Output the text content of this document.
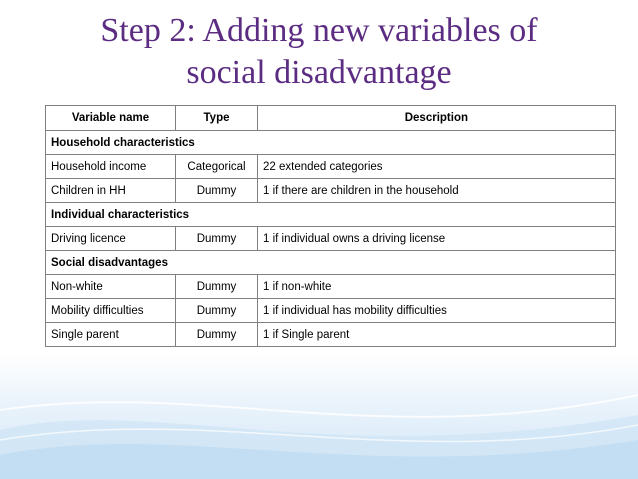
Step 2: Adding new variables of
social disadvantage
Variable name	Type	Description
Household characteristics		
Household income	Categorical	22 extended categories
Children in HH	Dummy	1 if there are children in the household
Individual characteristics		
Driving licence	Dummy	1 if individual owns a driving license
Social disadvantages		
Non-white	Dummy	1 if non-white
Mobility difficulties	Dummy	1 if individual has mobility difficulties
Single parent	Dummy	1 if Single parent
